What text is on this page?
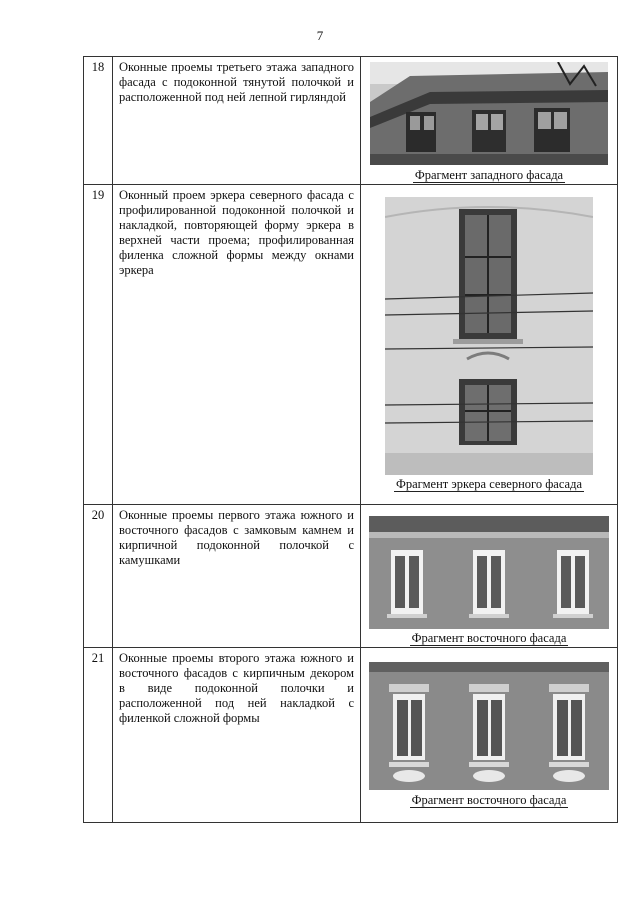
7
18	Оконные проемы третьего этажа западного фасада с подоконной тянутой полочкой и расположенной под ней лепной гирляндой	Фрагмент западного фасада

19	Оконный проем эркера северного фасада с профилированной подоконной полочкой и накладкой, повторяющей форму эркера в верхней части проема; профилированная филенка сложной формы между окнами эркера	Фрагмент эркера северного фасада

20	Оконные проемы первого этажа южного и восточного фасадов с замковым камнем и кирпичной подоконной полочкой с камушками	Фрагмент восточного фасада

21	Оконные проемы второго этажа южного и восточного фасадов с кирпичным декором в виде подоконной полочки и расположенной под ней накладкой с филенкой сложной формы	Фрагмент восточного фасада
